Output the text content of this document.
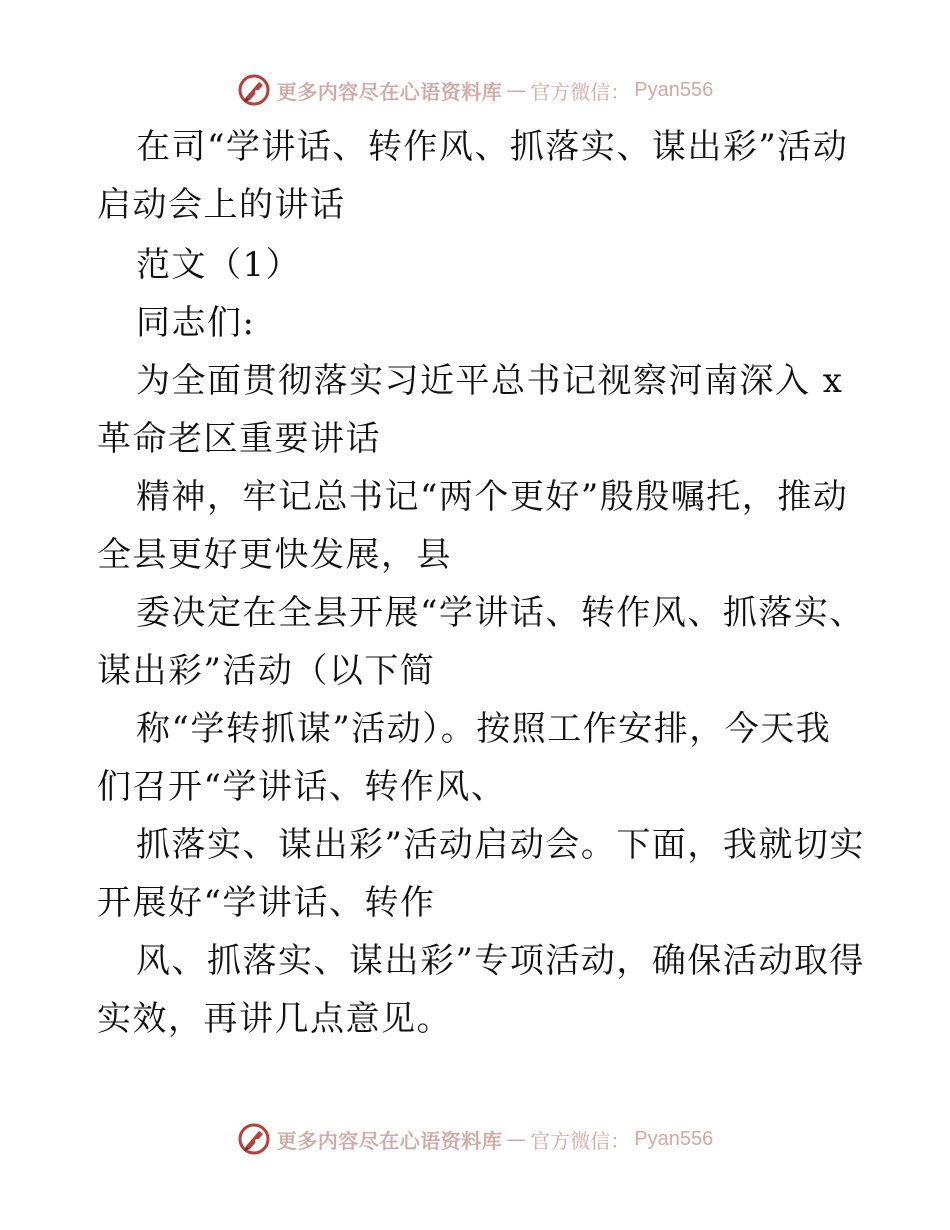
更多内容尽在心语资料库 — 官方微信： Pyan556
在司“学讲话、转作风、抓落实、谋出彩”活动
启动会上的讲话
范文（1）
同志们:
为全面贯彻落实习近平总书记视察河南深入 x
革命老区重要讲话
精神，牢记总书记“两个更好”殷殷嘱托，推动
全县更好更快发展，县
委决定在全县开展“学讲话、转作风、抓落实、
谋出彩”活动（以下简
称“学转抓谋”活动）。按照工作安排，今天我
们召开“学讲话、转作风、
抓落实、谋出彩”活动启动会。下面，我就切实
开展好“学讲话、转作
风、抓落实、谋出彩”专项活动，确保活动取得
实效，再讲几点意见。
更多内容尽在心语资料库 — 官方微信： Pyan556
